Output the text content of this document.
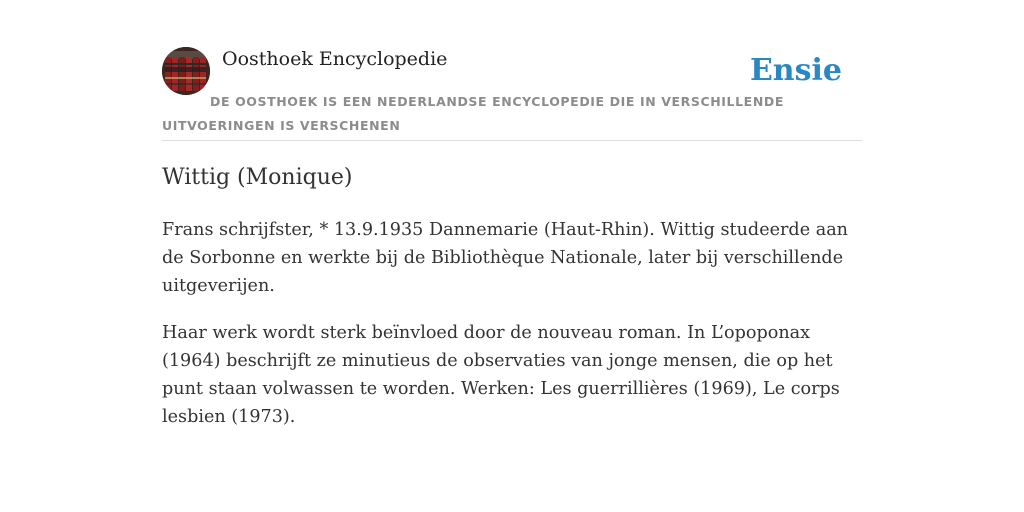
Oosthoek Encyclopedie	Ensie
DE OOSTHOEK IS EEN NEDERLANDSE ENCYCLOPEDIE DIE IN VERSCHILLENDE UITVOERINGEN IS VERSCHENEN
Wittig (Monique)

Frans schrijfster, * 13.9.1935 Dannemarie (Haut-Rhin). Wittig studeerde aan de Sorbonne en werkte bij de Bibliothèque Nationale, later bij verschillende uitgeverijen.

Haar werk wordt sterk beïnvloed door de nouveau roman. In L’opoponax (1964) beschrijft ze minutieus de observaties van jonge mensen, die op het punt staan volwassen te worden. Werken: Les guerrillières (1969), Le corps lesbien (1973).
